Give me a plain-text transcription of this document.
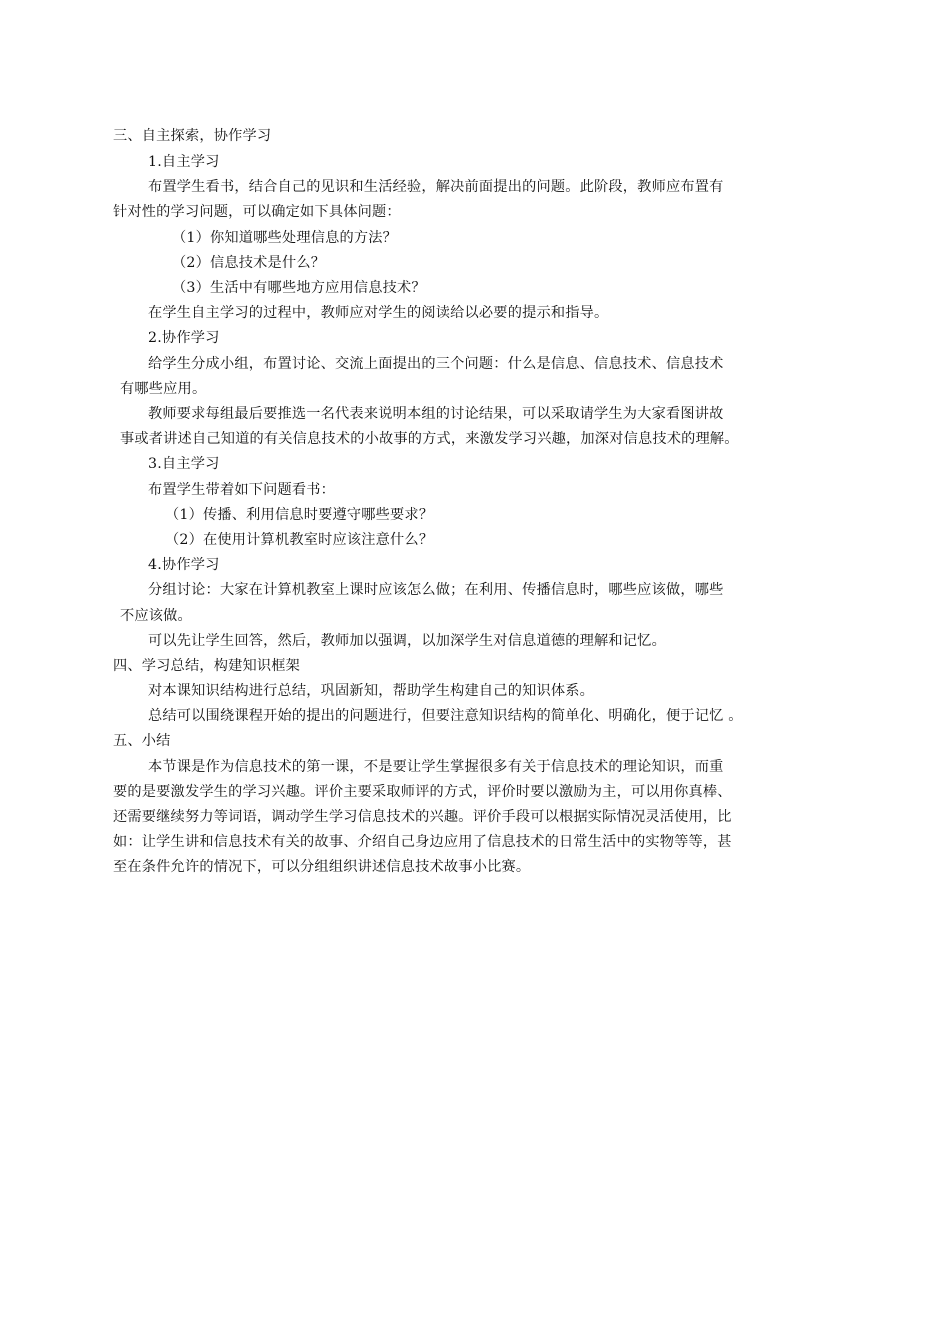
三、自主探索，协作学习
1.自主学习
布置学生看书，结合自己的见识和生活经验，解决前面提出的问题。此阶段，教师应布置有
针对性的学习问题，可以确定如下具体问题：
（1）你知道哪些处理信息的方法？
（2）信息技术是什么？
（3）生活中有哪些地方应用信息技术？
在学生自主学习的过程中，教师应对学生的阅读给以必要的提示和指导。
2.协作学习
给学生分成小组，布置讨论、交流上面提出的三个问题：什么是信息、信息技术、信息技术
有哪些应用。
教师要求每组最后要推选一名代表来说明本组的讨论结果，可以采取请学生为大家看图讲故
事或者讲述自己知道的有关信息技术的小故事的方式，来激发学习兴趣，加深对信息技术的理解。
3.自主学习
布置学生带着如下问题看书：
（1）传播、利用信息时要遵守哪些要求？
（2）在使用计算机教室时应该注意什么？
4.协作学习
分组讨论：大家在计算机教室上课时应该怎么做；在利用、传播信息时，哪些应该做，哪些
不应该做。
可以先让学生回答，然后，教师加以强调，以加深学生对信息道德的理解和记忆。
四、学习总结，构建知识框架
对本课知识结构进行总结，巩固新知，帮助学生构建自己的知识体系。
总结可以围绕课程开始的提出的问题进行，但要注意知识结构的简单化、明确化，便于记忆 。
五、小结
本节课是作为信息技术的第一课，不是要让学生掌握很多有关于信息技术的理论知识，而重
要的是要激发学生的学习兴趣。评价主要采取师评的方式，评价时要以激励为主，可以用你真棒、
还需要继续努力等词语，调动学生学习信息技术的兴趣。评价手段可以根据实际情况灵活使用，比
如：让学生讲和信息技术有关的故事、介绍自己身边应用了信息技术的日常生活中的实物等等，甚
至在条件允许的情况下，可以分组组织讲述信息技术故事小比赛。
